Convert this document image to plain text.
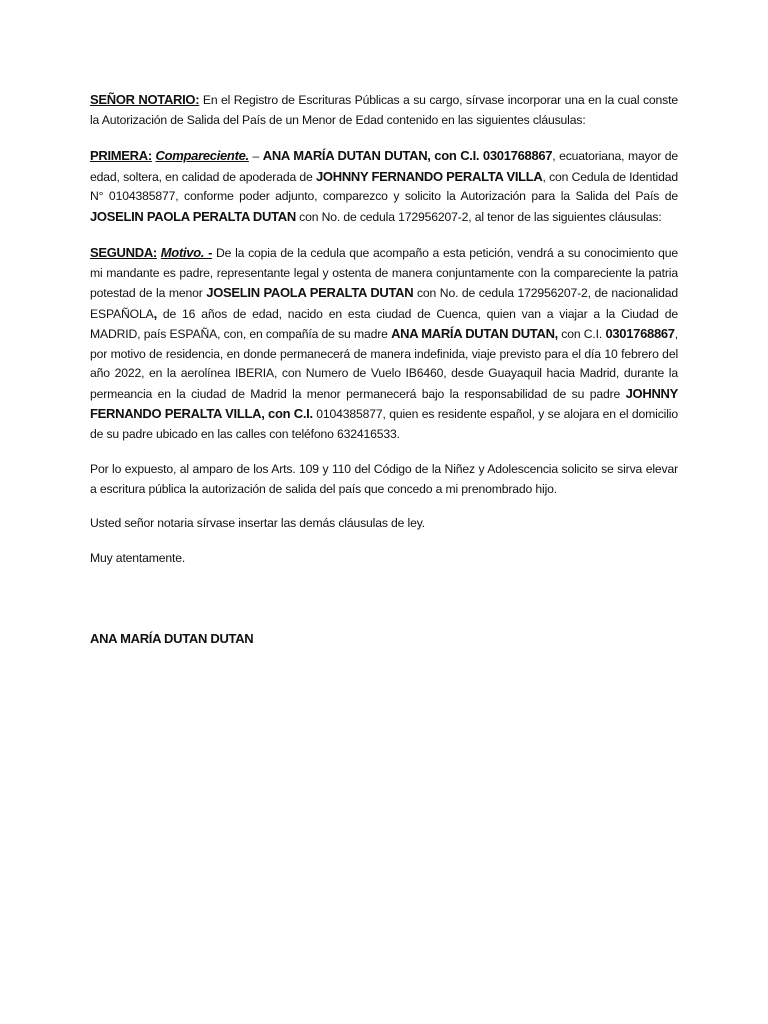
SEÑOR NOTARIO: En el Registro de Escrituras Públicas a su cargo, sírvase incorporar una en la cual conste la Autorización de Salida del País de un Menor de Edad contenido en las siguientes cláusulas:

PRIMERA: Compareciente. – ANA MARÍA DUTAN DUTAN, con C.I. 0301768867, ecuatoriana, mayor de edad, soltera, en calidad de apoderada de JOHNNY FERNANDO PERALTA VILLA, con Cedula de Identidad N° 0104385877, conforme poder adjunto, comparezco y solicito la Autorización para la Salida del País de JOSELIN PAOLA PERALTA DUTAN con No. de cedula 172956207-2, al tenor de las siguientes cláusulas:

SEGUNDA: Motivo. - De la copia de la cedula que acompaño a esta petición, vendrá a su conocimiento que mi mandante es padre, representante legal y ostenta de manera conjuntamente con la compareciente la patria potestad de la menor JOSELIN PAOLA PERALTA DUTAN con No. de cedula 172956207-2, de nacionalidad ESPAÑOLA, de 16 años de edad, nacido en esta ciudad de Cuenca, quien van a viajar a la Ciudad de MADRID, país ESPAÑA, con, en compañía de su madre ANA MARÍA DUTAN DUTAN, con C.I. 0301768867, por motivo de residencia, en donde permanecerá de manera indefinida, viaje previsto para el día 10 febrero del año 2022, en la aerolínea IBERIA, con Numero de Vuelo IB6460, desde Guayaquil hacia Madrid, durante la permeancia en la ciudad de Madrid la menor permanecerá bajo la responsabilidad de su padre JOHNNY FERNANDO PERALTA VILLA, con C.I. 0104385877, quien es residente español, y se alojara en el domicilio de su padre ubicado en las calles con teléfono 632416533.

Por lo expuesto, al amparo de los Arts. 109 y 110 del Código de la Niñez y Adolescencia solicito se sirva elevar a escritura pública la autorización de salida del país que concedo a mi prenombrado hijo.

Usted señor notaria sírvase insertar las demás cláusulas de ley.

Muy atentamente.

ANA MARÍA DUTAN DUTAN
